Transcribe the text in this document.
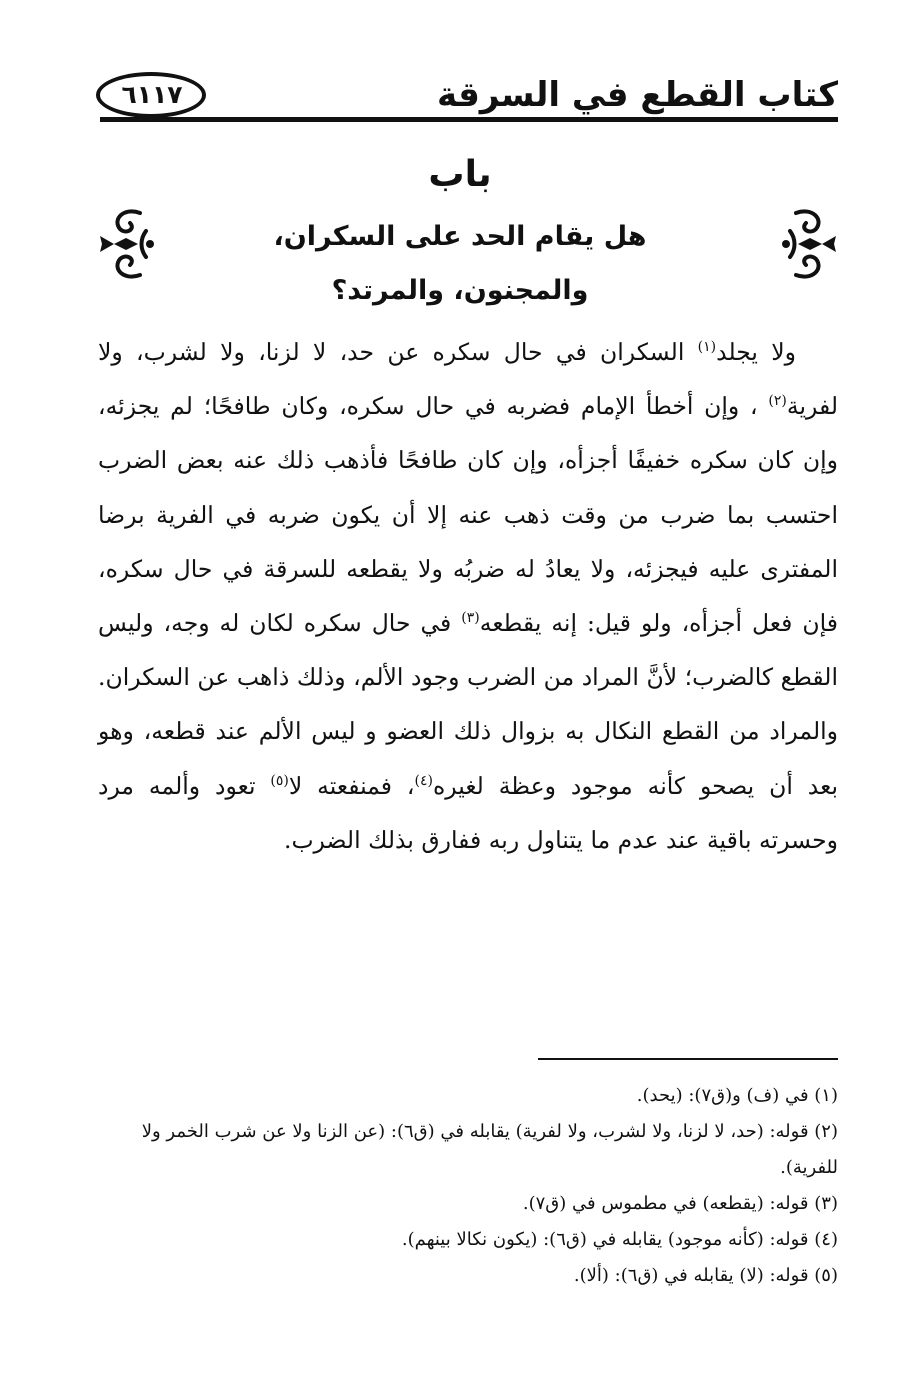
كتاب القطع في السرقة
٦١١٧
باب
هل يقام الحد على السكران،
والمجنون، والمرتد؟

ولا يجلد$^{(١)}$ السكران في حال سكره عن حد، لا لزنا، ولا لشرب، ولا لفرية$^{(٢)}$ ، وإن أخطأ الإمام فضربه في حال سكره، وكان طافحًا؛ لم يجزئه، وإن كان سكره خفيفًا أجزأه، وإن كان طافحًا فأذهب ذلك عنه بعض الضرب احتسب بما ضرب من وقت ذهب عنه إلا أن يكون ضربه في الفرية برضا المفترى عليه فيجزئه، ولا يعادُ له ضربُه ولا يقطعه للسرقة في حال سكره، فإن فعل أجزأه، ولو قيل: إنه يقطعه$^{(٣)}$ في حال سكره لكان له وجه، وليس القطع كالضرب؛ لأنَّ المراد من الضرب وجود الألم، وذلك ذاهب عن السكران. والمراد من القطع النكال به بزوال ذلك العضو و ليس الألم عند قطعه، وهو بعد أن يصحو كأنه موجود وعظة لغيره$^{(٤)}$، فمنفعته لا$^{(٥)}$ تعود وألمه مرد وحسرته باقية عند عدم ما يتناول ربه ففارق بذلك الضرب.

(١) في (ف) و(ق٧): (يحد).

(٢) قوله: (حد، لا لزنا، ولا لشرب، ولا لفرية) يقابله في (ق٦): (عن الزنا ولا عن شرب الخمر ولا للفرية).

(٣) قوله: (يقطعه) في مطموس في (ق٧).

(٤) قوله: (كأنه موجود) يقابله في (ق٦): (يكون نكالا بينهم).

(٥) قوله: (لا) يقابله في (ق٦): (ألا).
